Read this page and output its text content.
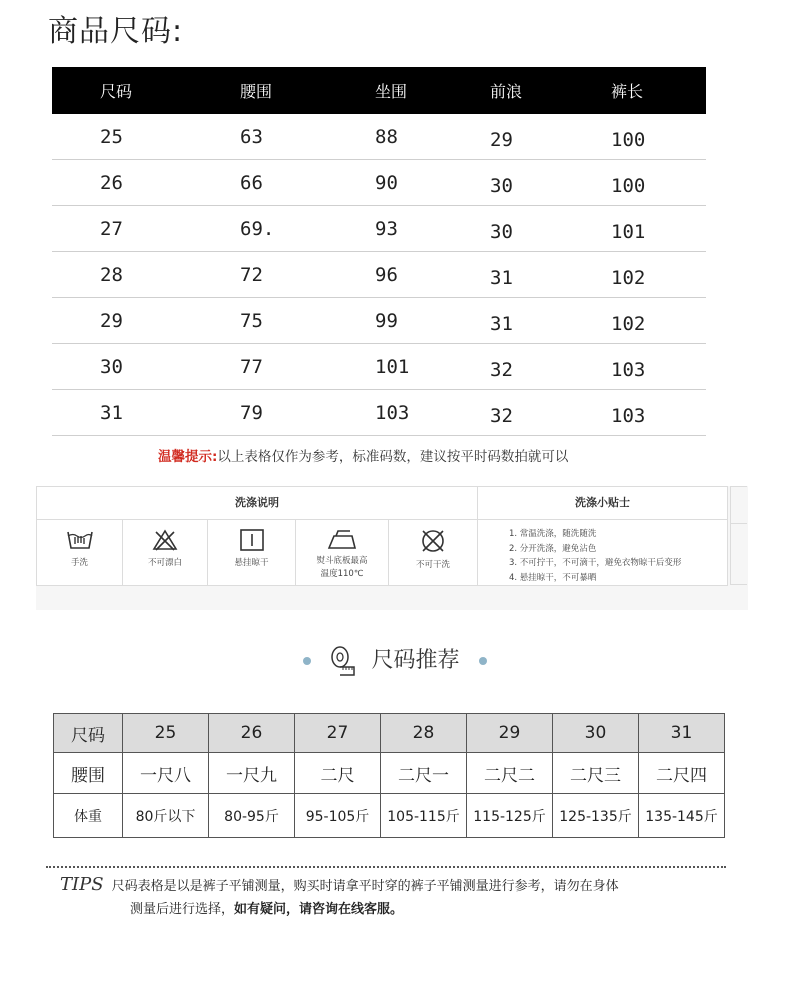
商品尺码:
尺码	腰围	坐围	前浪	裤长
25	63	88	29	100
26	66	90	30	100
27	69.	93	30	101
28	72	96	31	102
29	75	99	31	102
30	77	101	32	103
31	79	103	32	103
温馨提示:以上表格仅作为参考，标准码数，建议按平时码数拍就可以
洗涤说明	洗涤小贴士
手洗	不可漂白	悬挂晾干	熨斗底板最高
温度110℃
不可干洗
1. 常温洗涤，随洗随洗
2. 分开洗涤，避免沾色
3. 不可拧干，不可滴干，避免衣物晾干后变形
4. 悬挂晾干，不可暴晒
尺码推荐
尺码	25	26	27	28	29	30	31
腰围	一尺八	一尺九	二尺	二尺一	二尺二	二尺三	二尺四
体重	80斤以下	80-95斤	95-105斤	105-115斤	115-125斤	125-135斤	135-145斤
TIPS 尺码表格是以是裤子平铺测量，购买时请拿平时穿的裤子平铺测量进行参考，请勿在身体
测量后进行选择，如有疑问，请咨询在线客服。
